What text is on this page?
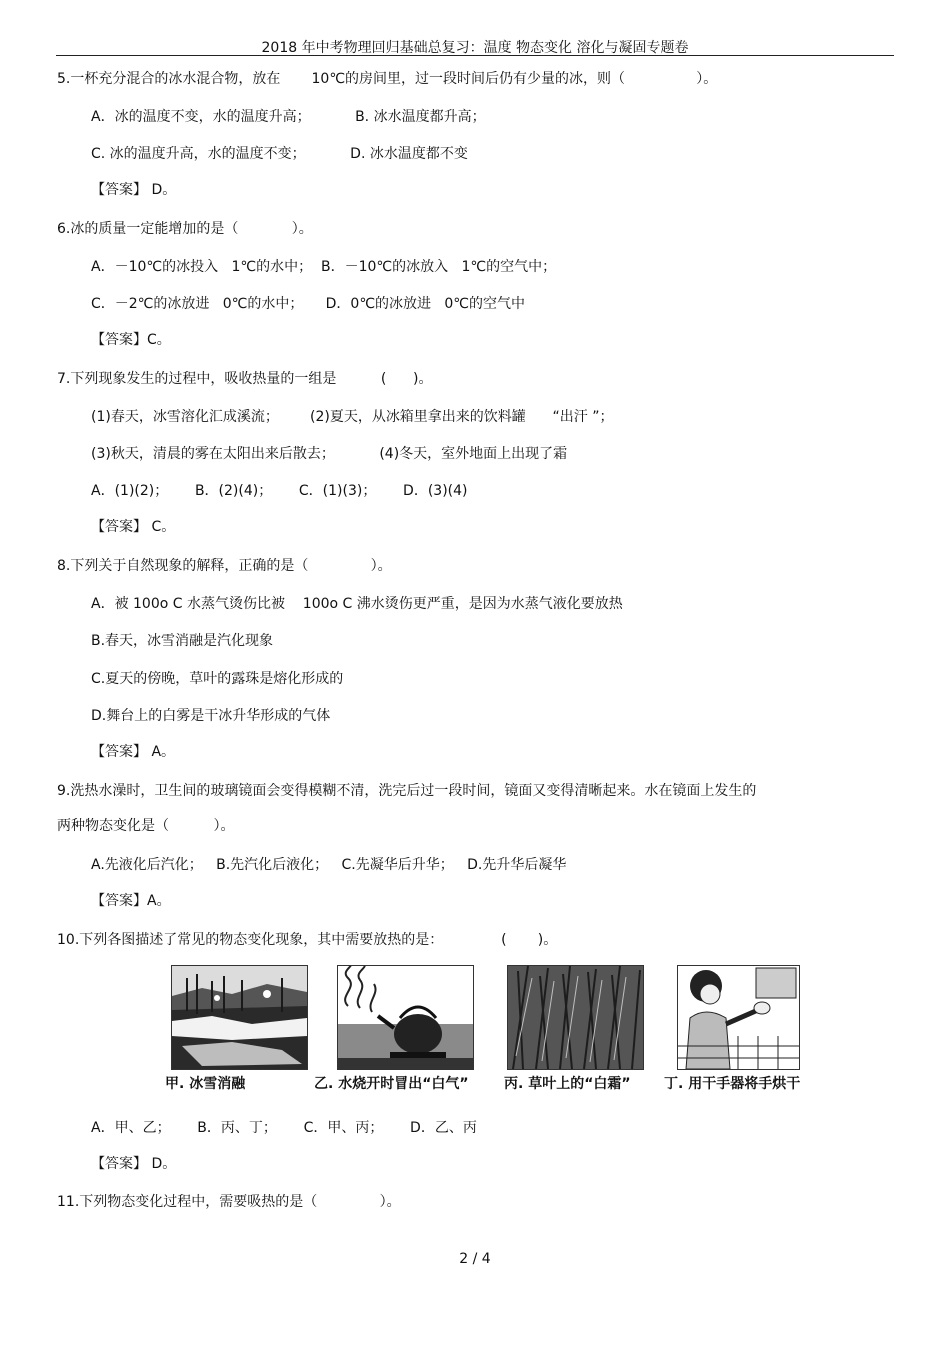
2018 年中考物理回归基础总复习：温度 物态变化 溶化与凝固专题卷
5.一杯充分混合的冰水混合物，放在       10℃的房间里，过一段时间后仍有少量的冰，则（                ）。
A．冰的温度不变，水的温度升高；          B. 冰水温度都升高；
C. 冰的温度升高，水的温度不变；          D. 冰水温度都不变
【答案】 D。
6.冰的质量一定能增加的是（            ）。
A．－10℃的冰投入   1℃的水中；  B．－10℃的冰放入   1℃的空气中；
C．－2℃的冰放进   0℃的水中；     D．0℃的冰放进   0℃的空气中
【答案】C。
7.下列现象发生的过程中，吸收热量的一组是          (      )。
(1)春天，冰雪溶化汇成溪流；       (2)夏天，从冰箱里拿出来的饮料罐      “出汗 ”；
(3)秋天，清晨的雾在太阳出来后散去；          (4)冬天，室外地面上出现了霜
A．(1)(2)；      B．(2)(4)；      C．(1)(3)；      D．(3)(4)
【答案】 C。
8.下列关于自然现象的解释，正确的是（              ）。
A．被 100o C 水蒸气烫伤比被    100o C 沸水烫伤更严重，是因为水蒸气液化要放热
B.春天，冰雪消融是汽化现象
C.夏天的傍晚，草叶的露珠是熔化形成的
D.舞台上的白雾是干冰升华形成的气体
【答案】 A。
9.洗热水澡时，卫生间的玻璃镜面会变得模糊不清，洗完后过一段时间，镜面又变得清晰起来。水在镜面上发生的
两种物态变化是（          ）。
A.先液化后汽化；   B.先汽化后液化；   C.先凝华后升华；   D.先升华后凝华
【答案】A。
10.下列各图描述了常见的物态变化现象，其中需要放热的是：             (       )。
甲. 冰雪消融	乙. 水烧开时冒出“白气”	丙. 草叶上的“白霜” 丁. 用干手器将手烘干
A．甲、乙；      B．丙、丁；      C．甲、丙；      D．乙、丙
【答案】 D。
11.下列物态变化过程中，需要吸热的是（              ）。
2 / 4
